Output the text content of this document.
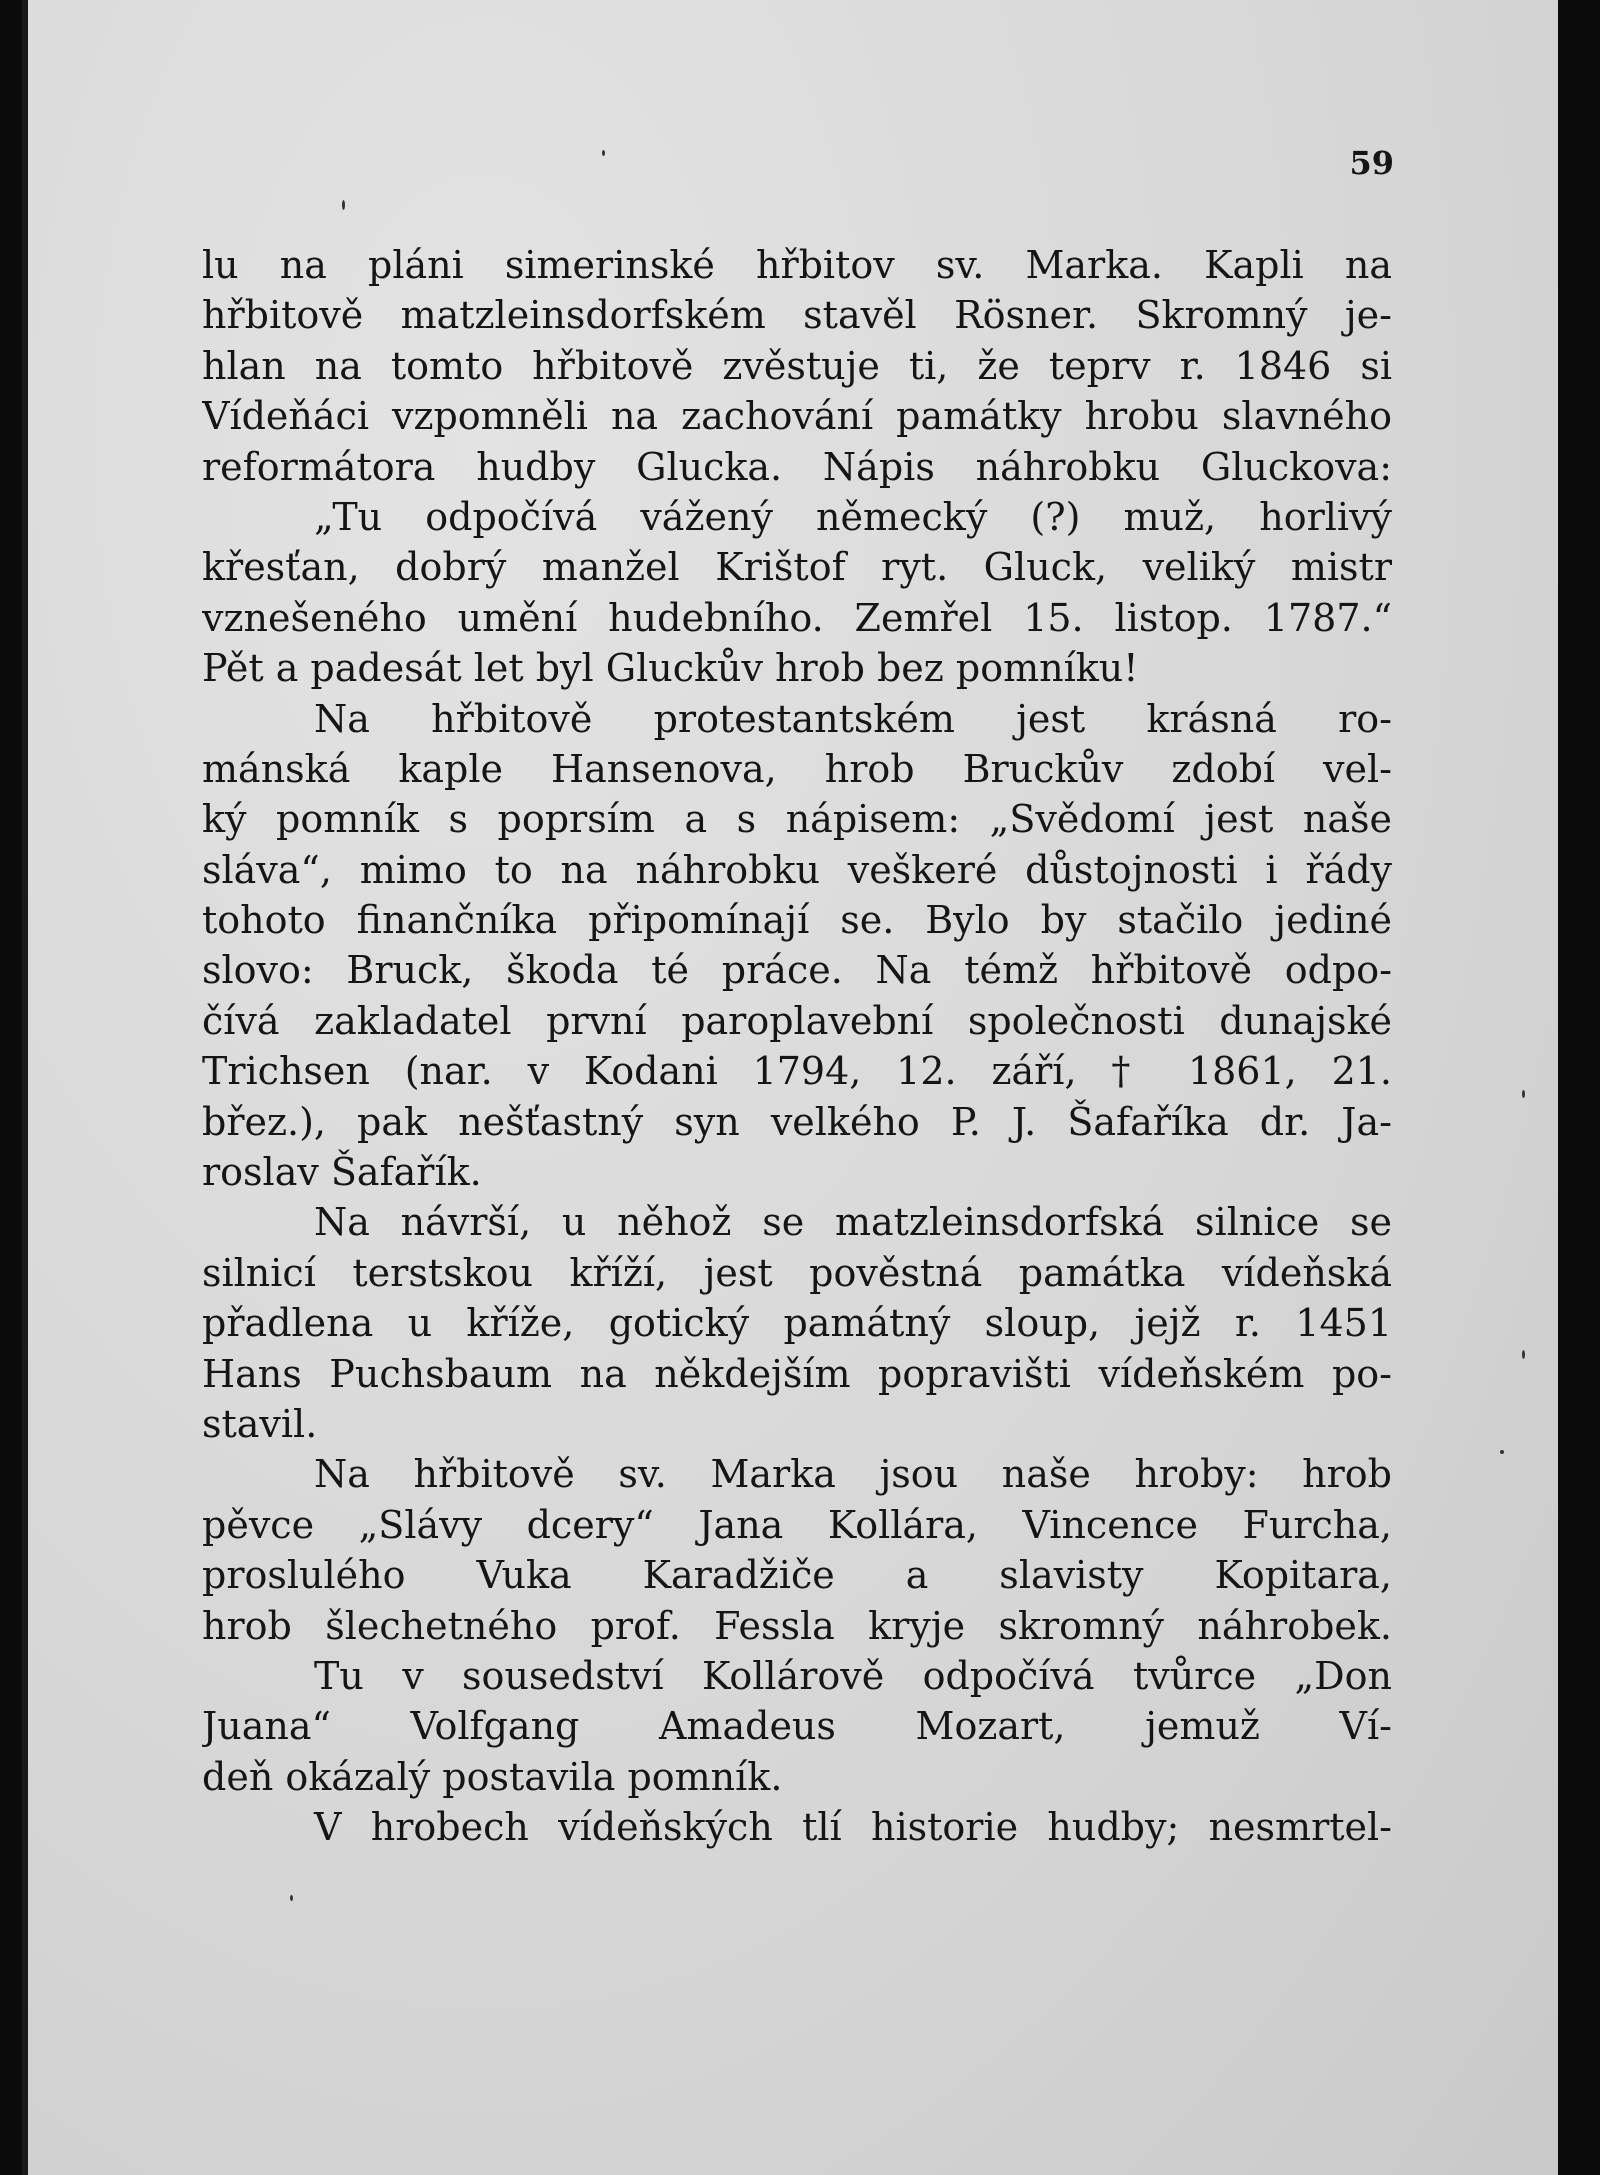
59
lu na pláni simerinské hřbitov sv. Marka. Kapli na
hřbitově matzleinsdorfském stavěl Rösner. Skromný je-
hlan na tomto hřbitově zvěstuje ti, že teprv r. 1846 si
Vídeňáci vzpomněli na zachování památky hrobu slavného
reformátora hudby Glucka. Nápis náhrobku Gluckova:
„Tu odpočívá vážený německý (?) muž, horlivý
křesťan, dobrý manžel Krištof ryt. Gluck, veliký mistr
vznešeného umění hudebního. Zemřel 15. listop. 1787.“
Pět a padesát let byl Gluckův hrob bez pomníku!
Na hřbitově protestantském jest krásná ro-
mánská kaple Hansenova, hrob Bruckův zdobí vel-
ký pomník s poprsím a s nápisem: „Svědomí jest naše
sláva“, mimo to na náhrobku veškeré důstojnosti i řády
tohoto finančníka připomínají se. Bylo by stačilo jediné
slovo: Bruck, škoda té práce. Na témž hřbitově odpo-
čívá zakladatel první paroplavební společnosti dunajské
Trichsen (nar. v Kodani 1794, 12. září, † 1861, 21.
břez.), pak nešťastný syn velkého P. J. Šafaříka dr. Ja-
roslav Šafařík.
Na návrší, u něhož se matzleinsdorfská silnice se
silnicí terstskou kříží, jest pověstná památka vídeňská
přadlena u kříže, gotický památný sloup, jejž r. 1451
Hans Puchsbaum na někdejším popravišti vídeňském po-
stavil.
Na hřbitově sv. Marka jsou naše hroby: hrob
pěvce „Slávy dcery“ Jana Kollára, Vincence Furcha,
proslulého Vuka Karadžiče a slavisty Kopitara,
hrob šlechetného prof. Fessla kryje skromný náhrobek.
Tu v sousedství Kollárově odpočívá tvůrce „Don
Juana“ Volfgang Amadeus Mozart, jemuž Ví-
deň okázalý postavila pomník.
V hrobech vídeňských tlí historie hudby; nesmrtel-
